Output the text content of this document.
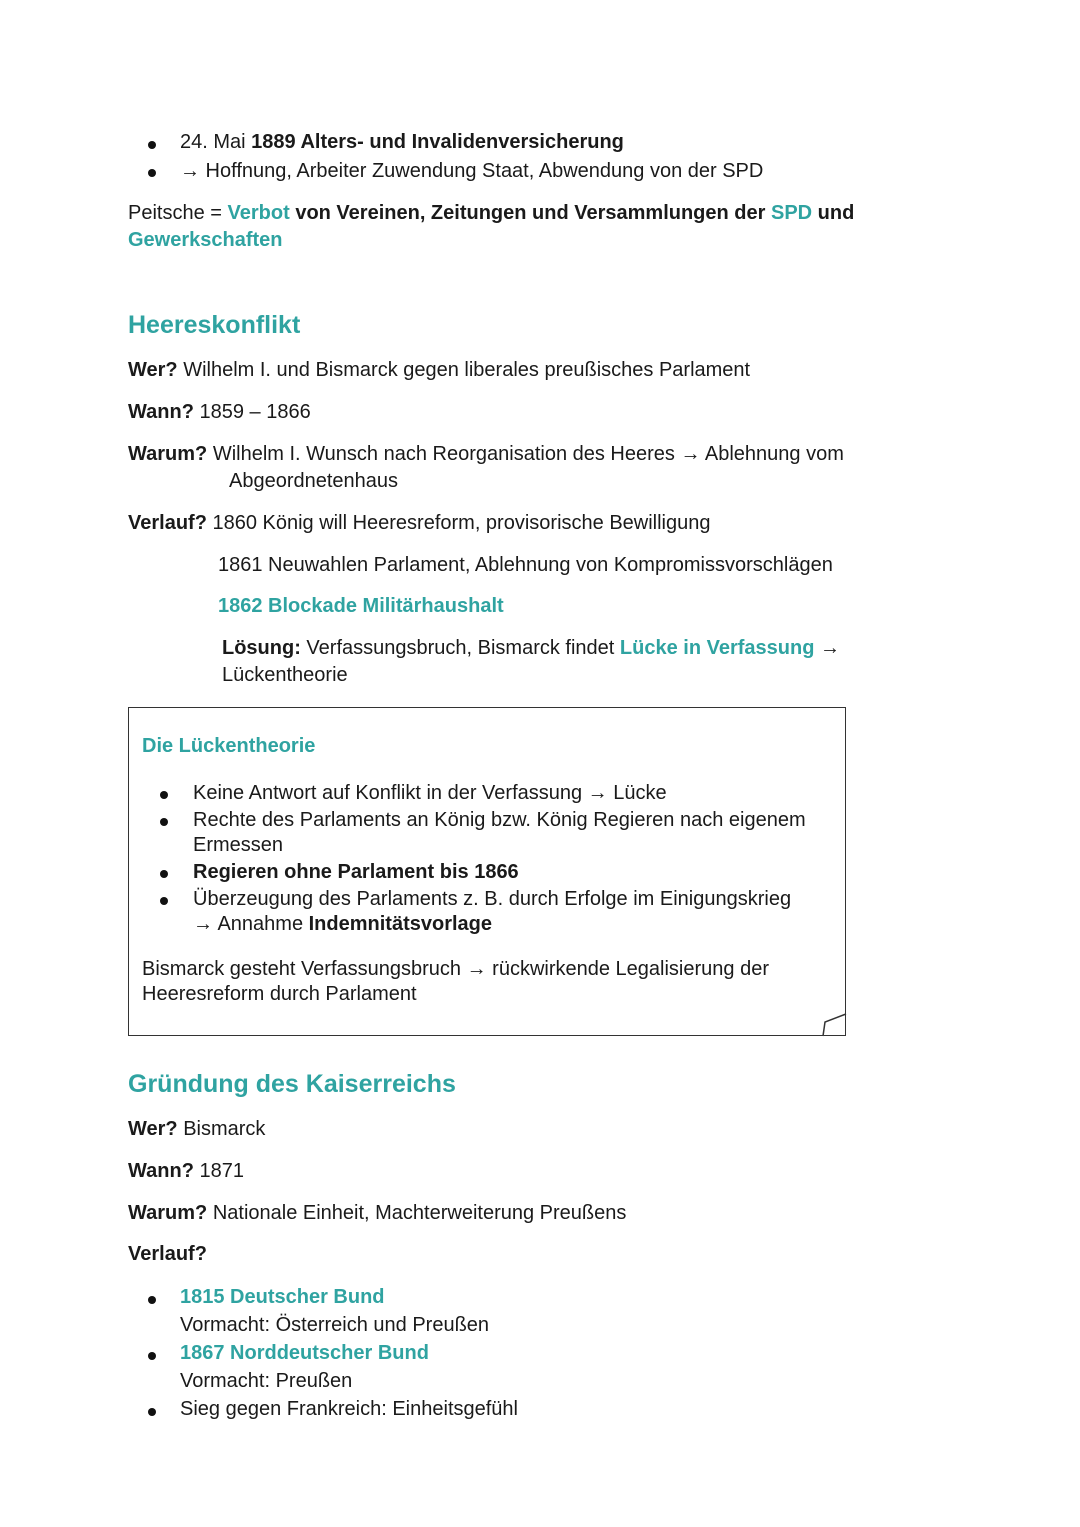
24. Mai 1889 Alters- und Invalidenversicherung
→ Hoffnung, Arbeiter Zuwendung Staat, Abwendung von der SPD
Peitsche = Verbot von Vereinen, Zeitungen und Versammlungen der SPD und
Gewerkschaften
Heereskonflikt
Wer? Wilhelm I. und Bismarck gegen liberales preußisches Parlament
Wann? 1859 – 1866
Warum? Wilhelm I. Wunsch nach Reorganisation des Heeres → Ablehnung vom
Abgeordnetenhaus
Verlauf? 1860 König will Heeresreform, provisorische Bewilligung
1861 Neuwahlen Parlament, Ablehnung von Kompromissvorschlägen
1862 Blockade Militärhaushalt
Lösung: Verfassungsbruch, Bismarck findet Lücke in Verfassung →
Lückentheorie
Die Lückentheorie
Keine Antwort auf Konflikt in der Verfassung → Lücke
Rechte des Parlaments an König bzw. König Regieren nach eigenem
Ermessen
Regieren ohne Parlament bis 1866
Überzeugung des Parlaments z. B. durch Erfolge im Einigungskrieg
→ Annahme Indemnitätsvorlage
Bismarck gesteht Verfassungsbruch → rückwirkende Legalisierung der
Heeresreform durch Parlament
Gründung des Kaiserreichs
Wer? Bismarck
Wann? 1871
Warum? Nationale Einheit, Machterweiterung Preußens
Verlauf?
1815 Deutscher Bund
Vormacht: Österreich und Preußen
1867 Norddeutscher Bund
Vormacht: Preußen
Sieg gegen Frankreich: Einheitsgefühl
